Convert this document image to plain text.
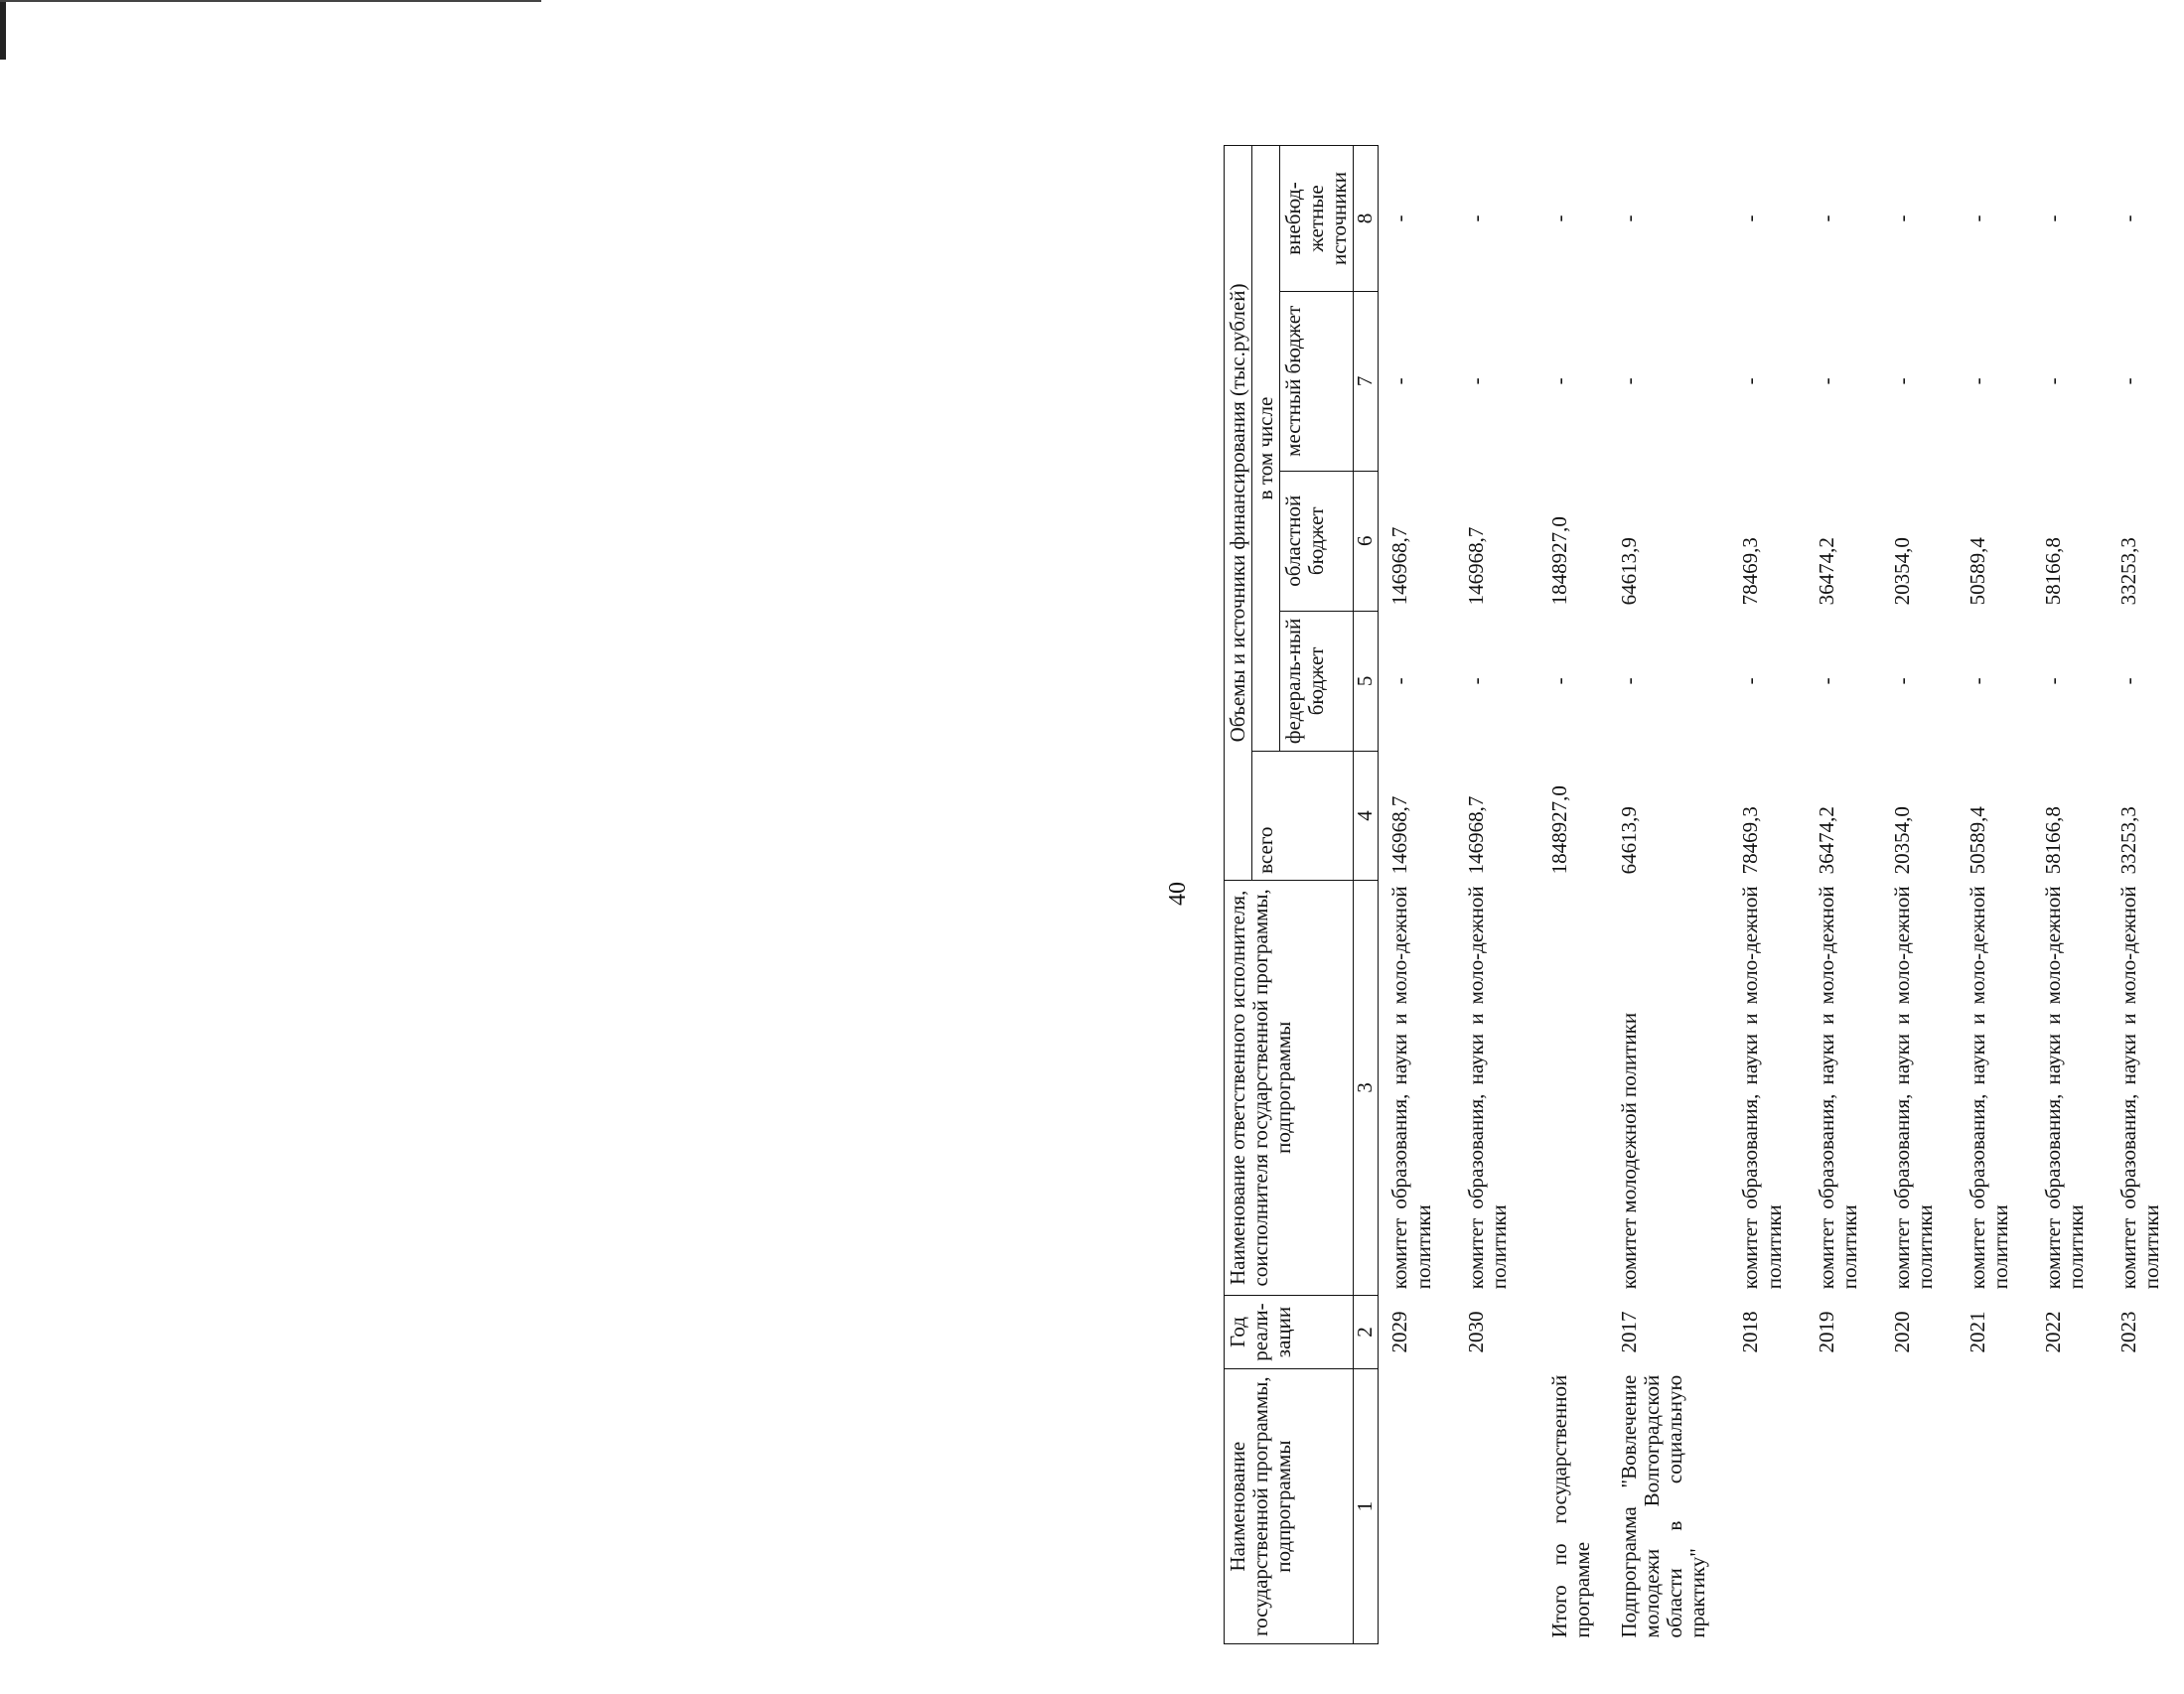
40
Наименование государственной программы, подпрограммы	Год реали-зации	Наименование ответственного исполнителя, соисполнителя государственной программы, подпрограммы	Объемы и источники финансирования (тыс.рублей)				
			всего	в том числе			
				федераль-ный бюджет	областной бюджет	местный бюджет	внебюд-жетные источники
1	2	3	4	5	6	7	8
	2029	комитет образования, науки и моло-дежной политики	146968,7	-	146968,7	-	-
	2030	комитет образования, науки и моло-дежной политики	146968,7	-	146968,7	-	-
Итого по государственной программе			1848927,0	-	1848927,0	-	-
Подпрограмма "Вовлечение молодежи Волгоградской области в социальную практику"	2017	комитет молодежной политики	64613,9	-	64613,9	-	-
	2018	комитет образования, науки и моло-дежной политики	78469,3	-	78469,3	-	-
	2019	комитет образования, науки и моло-дежной политики	36474,2	-	36474,2	-	-
	2020	комитет образования, науки и моло-дежной политики	20354,0	-	20354,0	-	-
	2021	комитет образования, науки и моло-дежной политики	50589,4	-	50589,4	-	-
	2022	комитет образования, науки и моло-дежной политики	58166,8	-	58166,8	-	-
	2023	комитет образования, науки и моло-дежной политики	33253,3	-	33253,3	-	-
